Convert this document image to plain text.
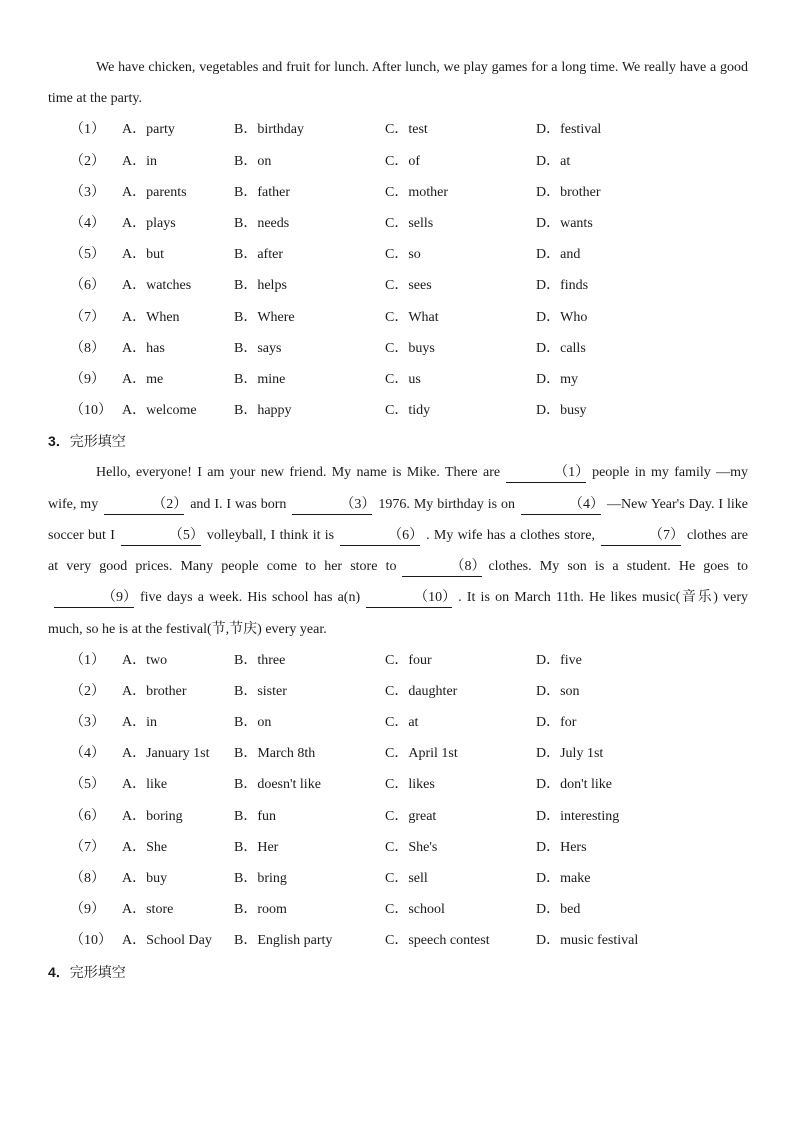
We have chicken, vegetables and fruit for lunch. After lunch, we play games for a long time. We really have a good time at the party.

（1） A．party	B．birthday	C．test	D．festival
（2） A．in	B．on	C．of	D．at
（3） A．parents	B．father	C．mother	D．brother
（4） A．plays	B．needs	C．sells	D．wants
（5） A．but	B．after	C．so	D．and
（6） A．watches	B．helps	C．sees	D．finds
（7） A．When	B．Where	C．What	D．Who
（8） A．has	B．says	C．buys	D．calls
（9） A．me	B．mine	C．us	D．my
（10） A．welcome	B．happy	C．tidy	D．busy

3．完形填空

Hello, everyone! I am your new friend. My name is Mike. There are	（1） people in my family —my wife, my	（2） and I. I was born	（3） 1976. My birthday is on	（4） —New Year's Day. I like soccer but I	（5） volleyball, I think it is	（6） . My wife has a clothes store,	（7） clothes are at very good prices. Many people come to her store to	（8） clothes. My son is a student. He goes to（9） five days a week. His school has a(n)	（10） . It is on March 11th. He likes music(音乐) very much, so he is at the festival(节,节庆) every year.

（1） A．two	B．three	C．four	D．five
（2） A．brother	B．sister	C．daughter	D．son
（3） A．in	B．on	C．at	D．for
（4） A．January 1st B．March 8th	C．April 1st	D．July 1st
（5） A．like	B．doesn't like	C．likes	D．don't like
（6） A．boring	B．fun	C．great	D．interesting
（7） A．She	B．Her	C．She's	D．Hers
（8） A．buy	B．bring	C．sell	D．make
（9） A．store	B．room	C．school	D．bed
（10） A．School Day B．English party	C．speech contest	D．music festival

4．完形填空
